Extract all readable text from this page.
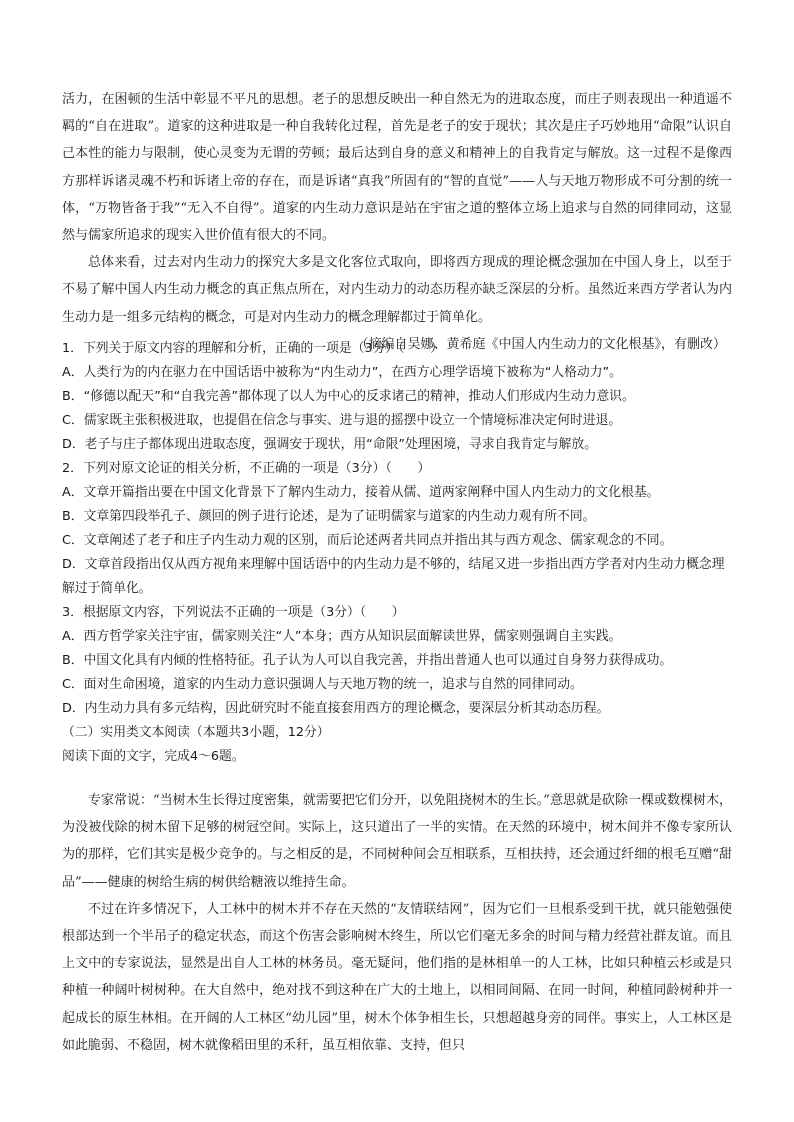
活力，在困顿的生活中彰显不平凡的思想。老子的思想反映出一种自然无为的进取态度，而庄子则表现出一种逍遥不羁的“自在进取”。道家的这种进取是一种自我转化过程，首先是老子的安于现状；其次是庄子巧妙地用“命限”认识自己本性的能力与限制，使心灵变为无谓的劳顿；最后达到自身的意义和精神上的自我肯定与解放。这一过程不是像西方那样诉诸灵魂不朽和诉诸上帝的存在，而是诉诸“真我”所固有的“智的直觉”——人与天地万物形成不可分割的统一体，“万物皆备于我”“无入不自得”。道家的内生动力意识是站在宇宙之道的整体立场上追求与自然的同律同动，这显然与儒家所追求的现实入世价值有很大的不同。

总体来看，过去对内生动力的探究大多是文化客位式取向，即将西方现成的理论概念强加在中国人身上，以至于不易了解中国人内生动力概念的真正焦点所在，对内生动力的动态历程亦缺乏深层的分析。虽然近来西方学者认为内生动力是一组多元结构的概念，可是对内生动力的概念理解都过于简单化。

（摘编自吴娜、黄希庭《中国人内生动力的文化根基》，有删改）

1．下列关于原文内容的理解和分析，正确的一项是（3分）（　　）

A．人类行为的内在驱力在中国话语中被称为“内生动力”，在西方心理学语境下被称为“人格动力”。

B．“修德以配天”和“自我完善”都体现了以人为中心的反求诸己的精神，推动人们形成内生动力意识。

C．儒家既主张积极进取，也提倡在信念与事实、进与退的摇摆中设立一个情境标准决定何时进退。

D．老子与庄子都体现出进取态度，强调安于现状，用“命限”处理困境，寻求自我肯定与解放。

2．下列对原文论证的相关分析，不正确的一项是（3分）（　　）

A．文章开篇指出要在中国文化背景下了解内生动力，接着从儒、道两家阐释中国人内生动力的文化根基。

B．文章第四段举孔子、颜回的例子进行论述，是为了证明儒家与道家的内生动力观有所不同。

C．文章阐述了老子和庄子内生动力观的区别，而后论述两者共同点并指出其与西方观念、儒家观念的不同。

D．文章首段指出仅从西方视角来理解中国话语中的内生动力是不够的，结尾又进一步指出西方学者对内生动力概念理解过于简单化。

3．根据原文内容，下列说法不正确的一项是（3分）（　　）

A．西方哲学家关注宇宙，儒家则关注“人”本身；西方从知识层面解读世界，儒家则强调自主实践。

B．中国文化具有内倾的性格特征。孔子认为人可以自我完善，并指出普通人也可以通过自身努力获得成功。

C．面对生命困境，道家的内生动力意识强调人与天地万物的统一，追求与自然的同律同动。

D．内生动力具有多元结构，因此研究时不能直接套用西方的理论概念，要深层分析其动态历程。

（二）实用类文本阅读（本题共3小题，12分）

阅读下面的文字，完成4～6题。

专家常说：“当树木生长得过度密集，就需要把它们分开，以免阻挠树木的生长。”意思就是砍除一棵或数棵树木，为没被伐除的树木留下足够的树冠空间。实际上，这只道出了一半的实情。在天然的环境中，树木间并不像专家所认为的那样，它们其实是极少竞争的。与之相反的是，不同树种间会互相联系，互相扶持，还会通过纤细的根毛互赠“甜品”——健康的树给生病的树供给糖液以维持生命。

不过在许多情况下，人工林中的树木并不存在天然的“友情联结网”，因为它们一旦根系受到干扰，就只能勉强使根部达到一个半吊子的稳定状态，而这个伤害会影响树木终生，所以它们毫无多余的时间与精力经营社群友谊。而且上文中的专家说法，显然是出自人工林的林务员。毫无疑问，他们指的是林相单一的人工林，比如只种植云杉或是只种植一种阔叶树树种。在大自然中，绝对找不到这种在广大的土地上，以相同间隔、在同一时间，种植同龄树种并一起成长的原生林相。在开阔的人工林区“幼儿园”里，树木个体争相生长，只想超越身旁的同伴。事实上，人工林区是如此脆弱、不稳固，树木就像稻田里的禾秆，虽互相依靠、支持，但只
